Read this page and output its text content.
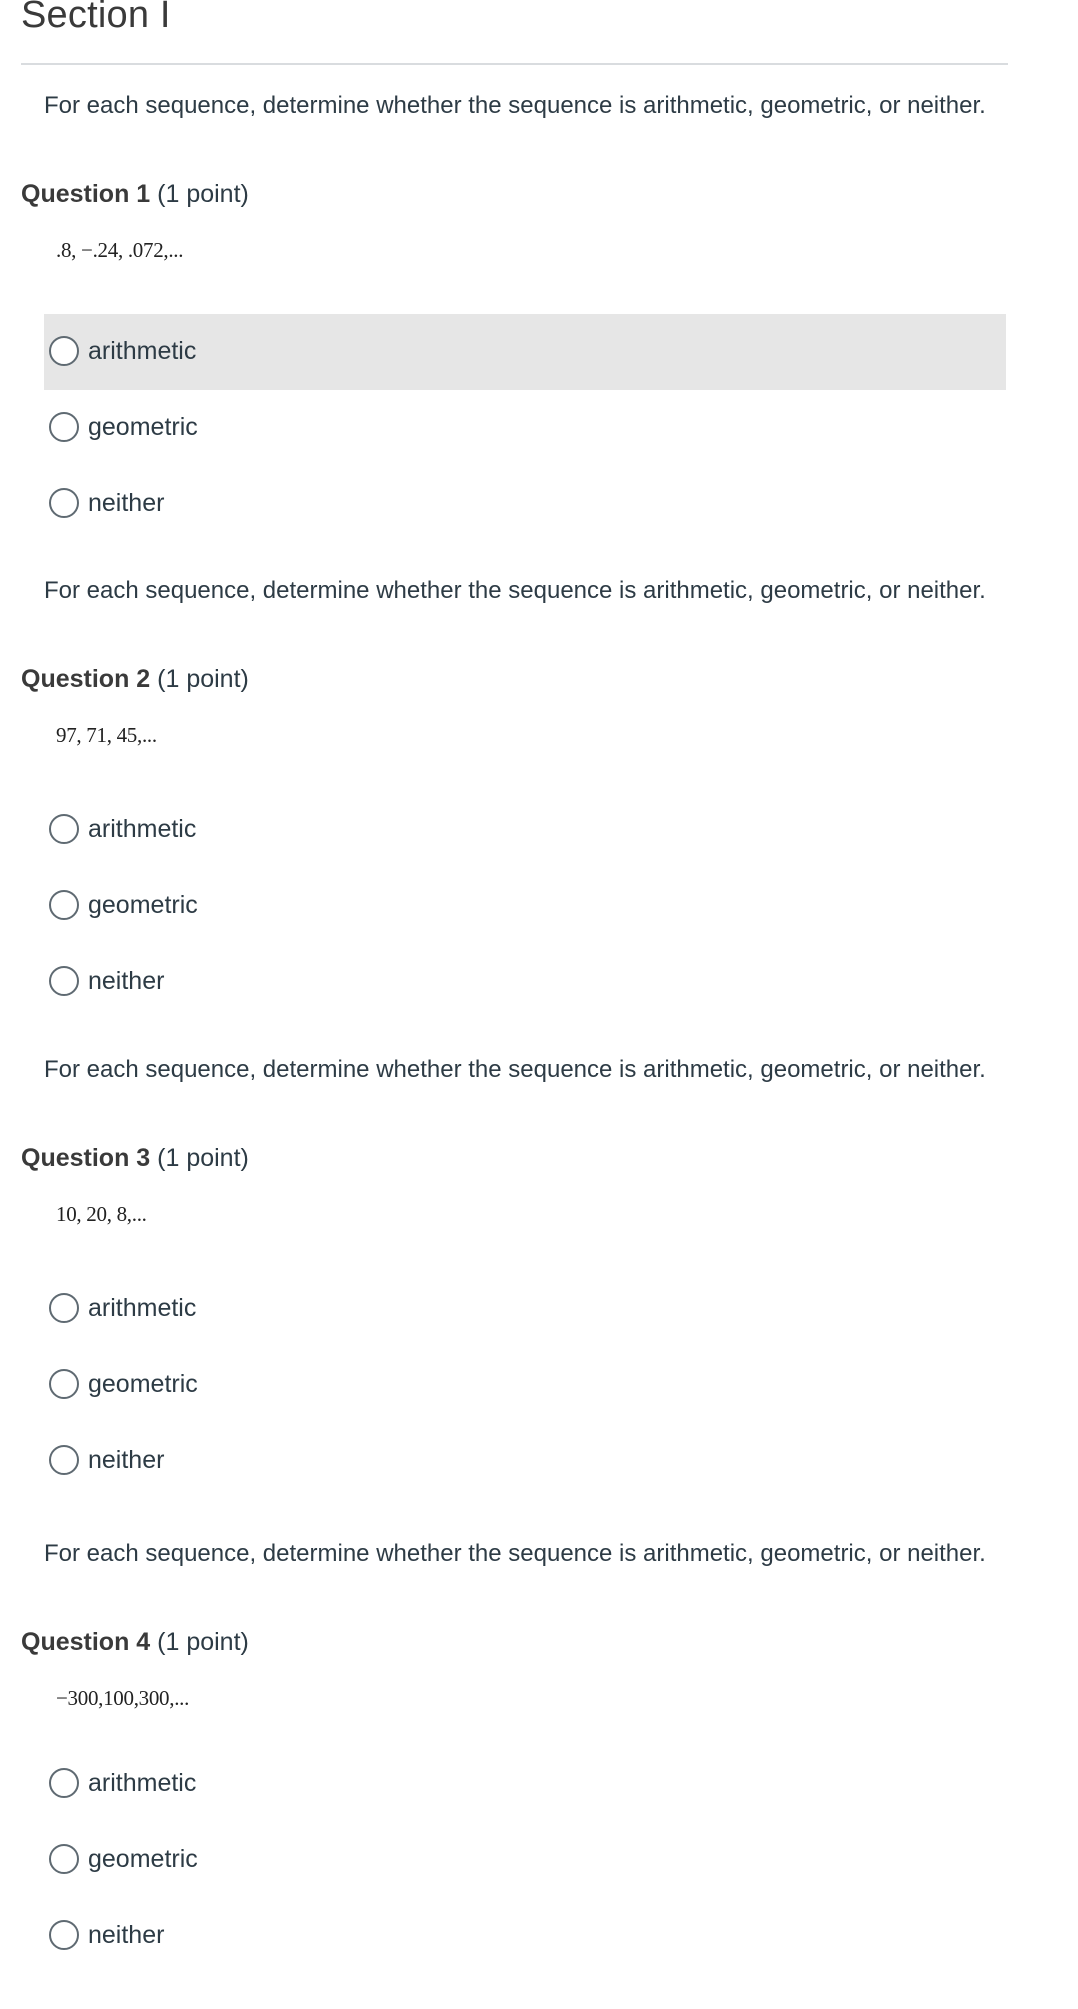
Section I

For each sequence, determine whether the sequence is arithmetic, geometric, or neither.

Question 1 (1 point)

.8, −.24, .072,...

arithmetic
geometric
neither

For each sequence, determine whether the sequence is arithmetic, geometric, or neither.

Question 2 (1 point)

97, 71, 45,...

arithmetic
geometric
neither

For each sequence, determine whether the sequence is arithmetic, geometric, or neither.

Question 3 (1 point)

10, 20, 8,...

arithmetic
geometric
neither

For each sequence, determine whether the sequence is arithmetic, geometric, or neither.

Question 4 (1 point)

−300,100,300,...

arithmetic
geometric
neither
